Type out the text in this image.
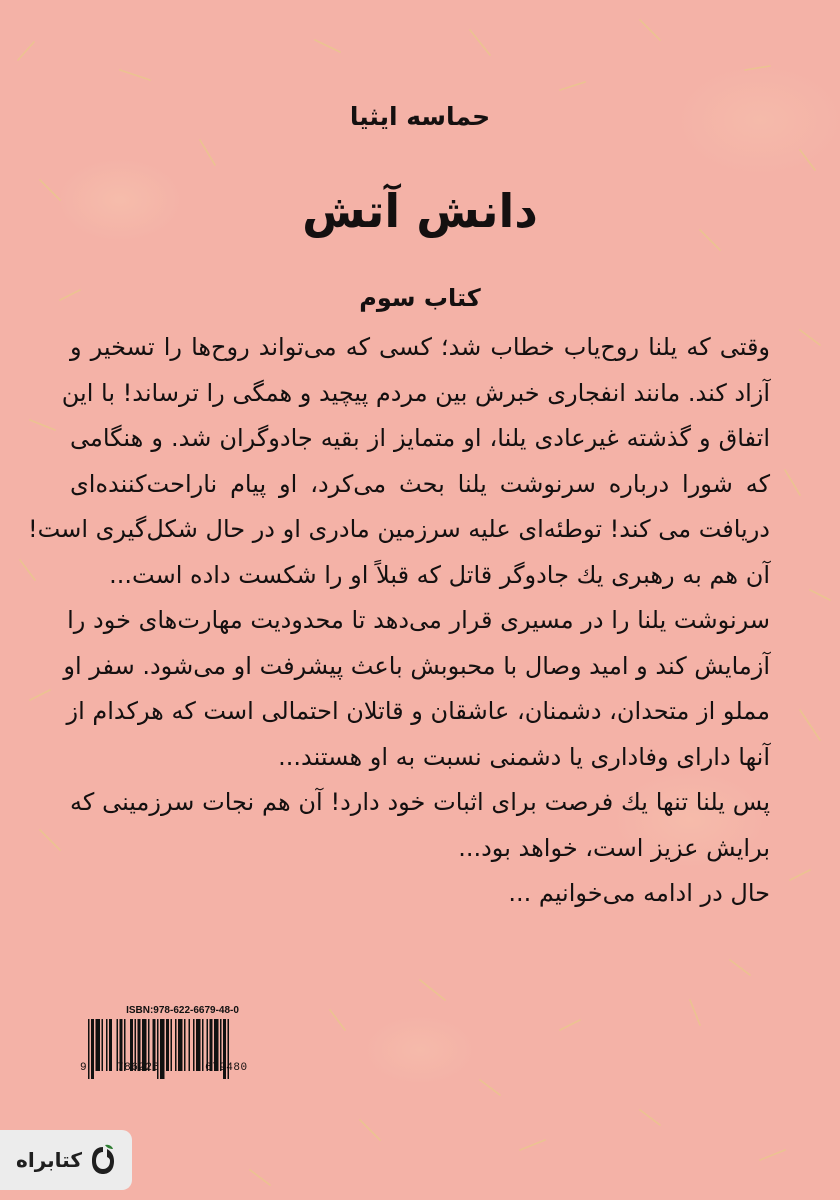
حماسه ایثیا
دانش آتش
کتاب سوم
وقتی که یلنا روح‌یاب خطاب شد؛ کسی که می‌تواند روح‌ها را تسخیر و
آزاد کند. مانند انفجاری خبرش بین مردم پیچید و همگی را ترساند! با این
اتفاق و گذشته غیرعادی یلنا، او متمایز از بقیه جادوگران شد. و هنگامی
که شورا درباره سرنوشت یلنا بحث می‌کرد، او پیام ناراحت‌کننده‌ای
دریافت می کند! توطئه‌ای علیه سرزمین مادری او در حال شکل‌گیری است!
آن هم به رهبری یك جادوگر قاتل که قبلاً او را شکست داده است...
سرنوشت یلنا را در مسیری قرار می‌دهد تا محدودیت مهارت‌های خود را
آزمایش کند و امید وصال با محبوبش باعث پیشرفت او می‌شود. سفر او
مملو از متحدان، دشمنان، عاشقان و قاتلان احتمالی است که هرکدام از
آنها دارای وفاداری یا دشمنی نسبت به او هستند...
پس یلنا تنها یك فرصت برای اثبات خود دارد! آن هم نجات سرزمینی که
برایش عزیز است، خواهد بود...
حال در ادامه می‌خوانیم ...
ISBN:978-622-6679-48-0
9	786226	679480
کتابراه
